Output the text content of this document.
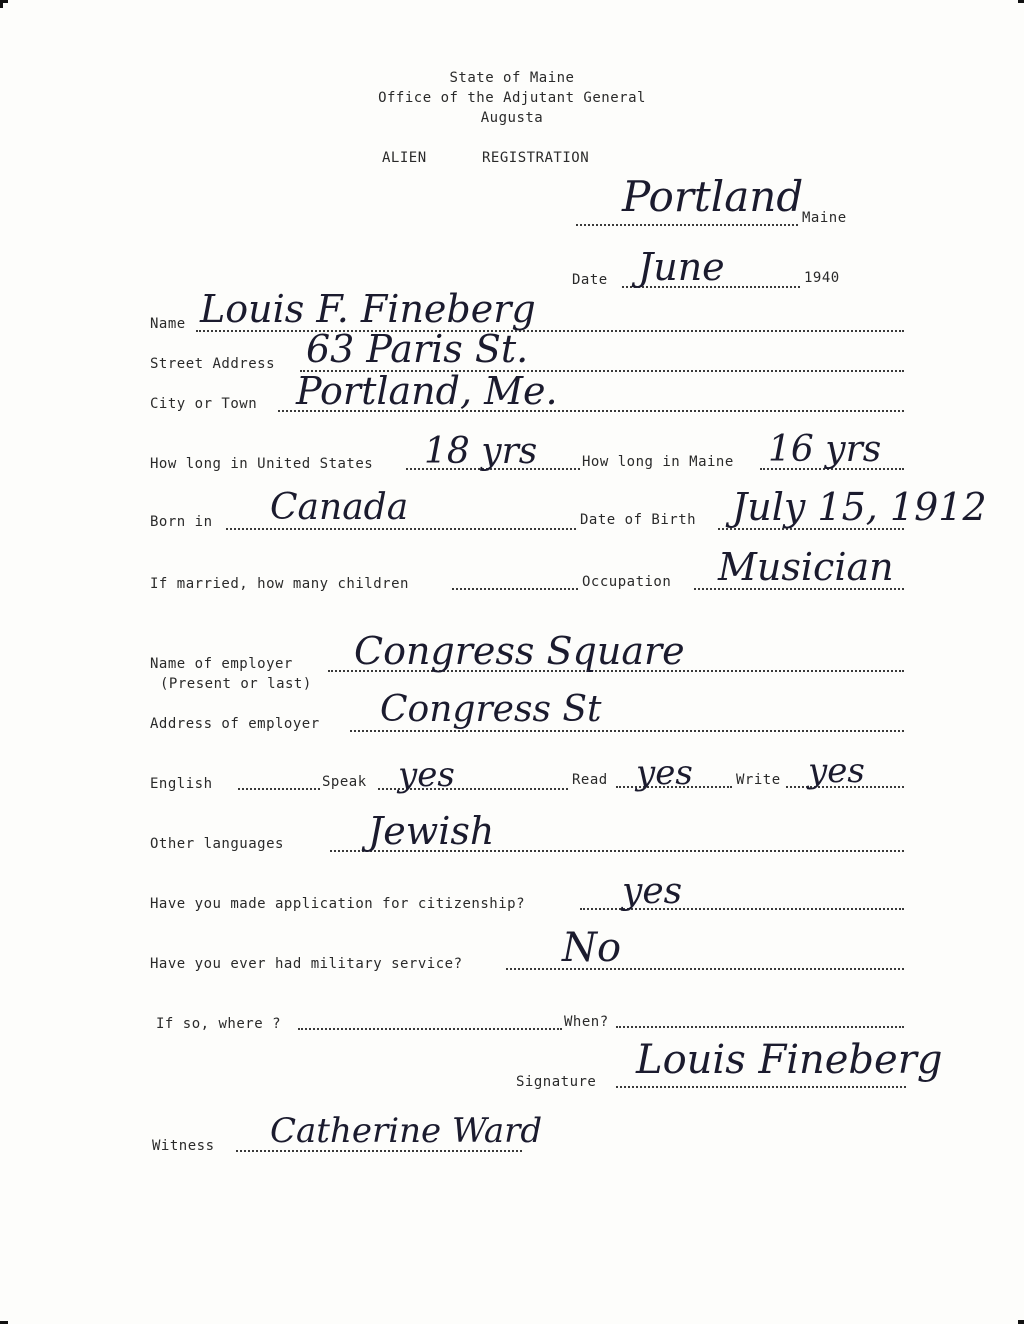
State of Maine
Office of the Adjutant General
Augusta
ALIEN	REGISTRATION
Portland
Maine
Date June	1940
Name Louis F. Fineberg
Street Address 63 Paris St.
City or Town Portland, Me.
How long in United States 18 yrs	How long in Maine 16 yrs
Born in Canada	Date of Birth July 15, 1912
If married, how many children	Occupation Musician
Name of employer
(Present or last)
Congress Square
Address of employer Congress St
English	Speak yes	Read yes	Write yes
Other languages Jewish
Have you made application for citizenship?	yes
Have you ever had military service? No
If so, where ?	When?
Signature Louis Fineberg
Witness Catherine Ward
